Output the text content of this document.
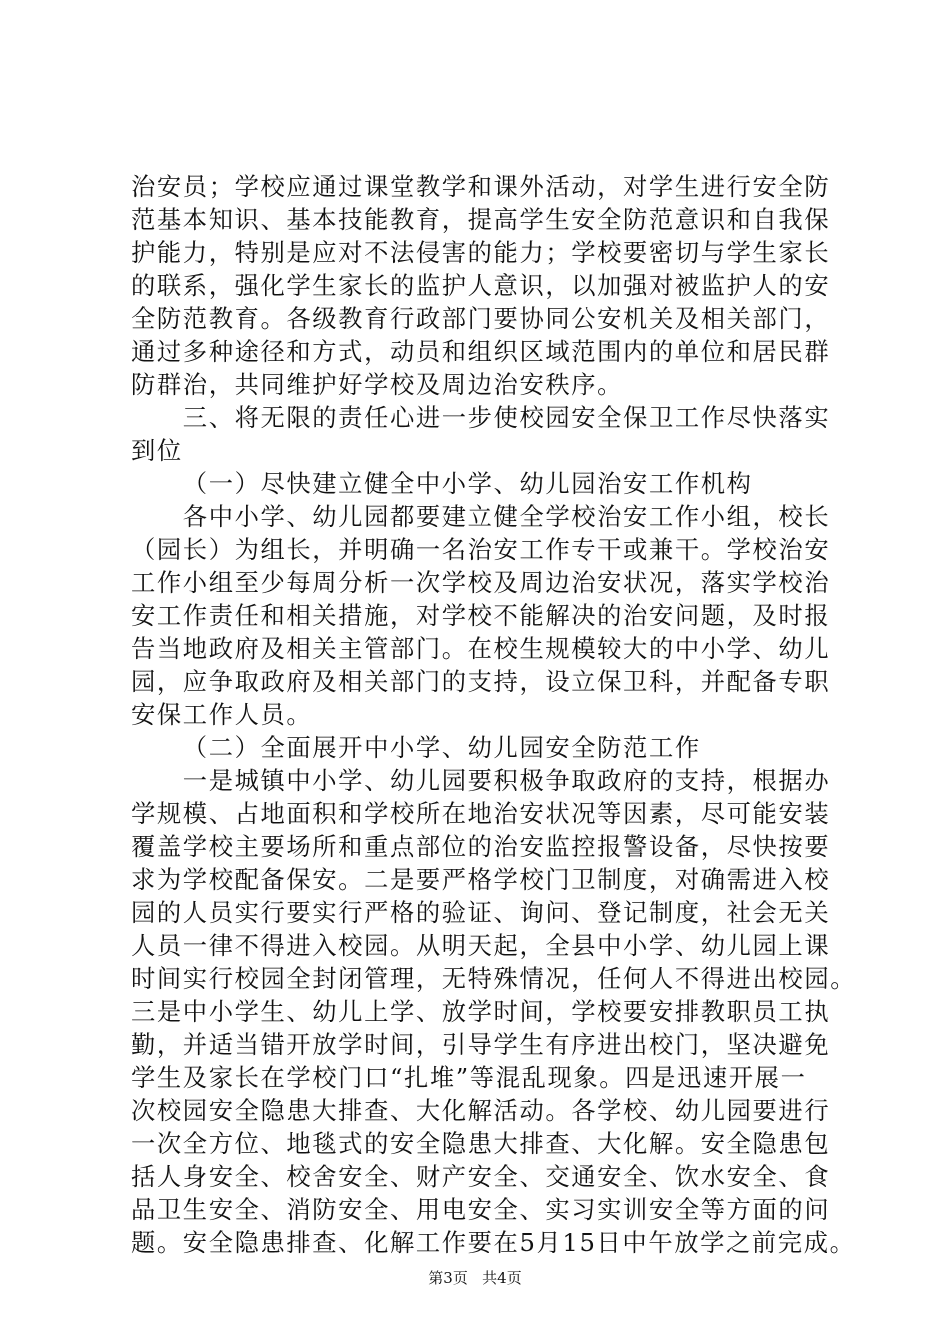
治安员；学校应通过课堂教学和课外活动，对学生进行安全防
范基本知识、基本技能教育，提高学生安全防范意识和自我保
护能力，特别是应对不法侵害的能力；学校要密切与学生家长
的联系，强化学生家长的监护人意识，以加强对被监护人的安
全防范教育。各级教育行政部门要协同公安机关及相关部门，
通过多种途径和方式，动员和组织区域范围内的单位和居民群
防群治，共同维护好学校及周边治安秩序。
三、将无限的责任心进一步使校园安全保卫工作尽快落实
到位
（一）尽快建立健全中小学、幼儿园治安工作机构
各中小学、幼儿园都要建立健全学校治安工作小组，校长
（园长）为组长，并明确一名治安工作专干或兼干。学校治安
工作小组至少每周分析一次学校及周边治安状况，落实学校治
安工作责任和相关措施，对学校不能解决的治安问题，及时报
告当地政府及相关主管部门。在校生规模较大的中小学、幼儿
园，应争取政府及相关部门的支持，设立保卫科，并配备专职
安保工作人员。
（二）全面展开中小学、幼儿园安全防范工作
一是城镇中小学、幼儿园要积极争取政府的支持，根据办
学规模、占地面积和学校所在地治安状况等因素，尽可能安装
覆盖学校主要场所和重点部位的治安监控报警设备，尽快按要
求为学校配备保安。二是要严格学校门卫制度，对确需进入校
园的人员实行要实行严格的验证、询问、登记制度，社会无关
人员一律不得进入校园。从明天起，全县中小学、幼儿园上课
时间实行校园全封闭管理，无特殊情况，任何人不得进出校园。
三是中小学生、幼儿上学、放学时间，学校要安排教职员工执
勤，并适当错开放学时间，引导学生有序进出校门，坚决避免
学生及家长在学校门口“扎堆”等混乱现象。四是迅速开展一
次校园安全隐患大排查、大化解活动。各学校、幼儿园要进行
一次全方位、地毯式的安全隐患大排查、大化解。安全隐患包
括人身安全、校舍安全、财产安全、交通安全、饮水安全、食
品卫生安全、消防安全、用电安全、实习实训安全等方面的问
题。安全隐患排查、化解工作要在5月15日中午放学之前完成。
第3页 共4页
